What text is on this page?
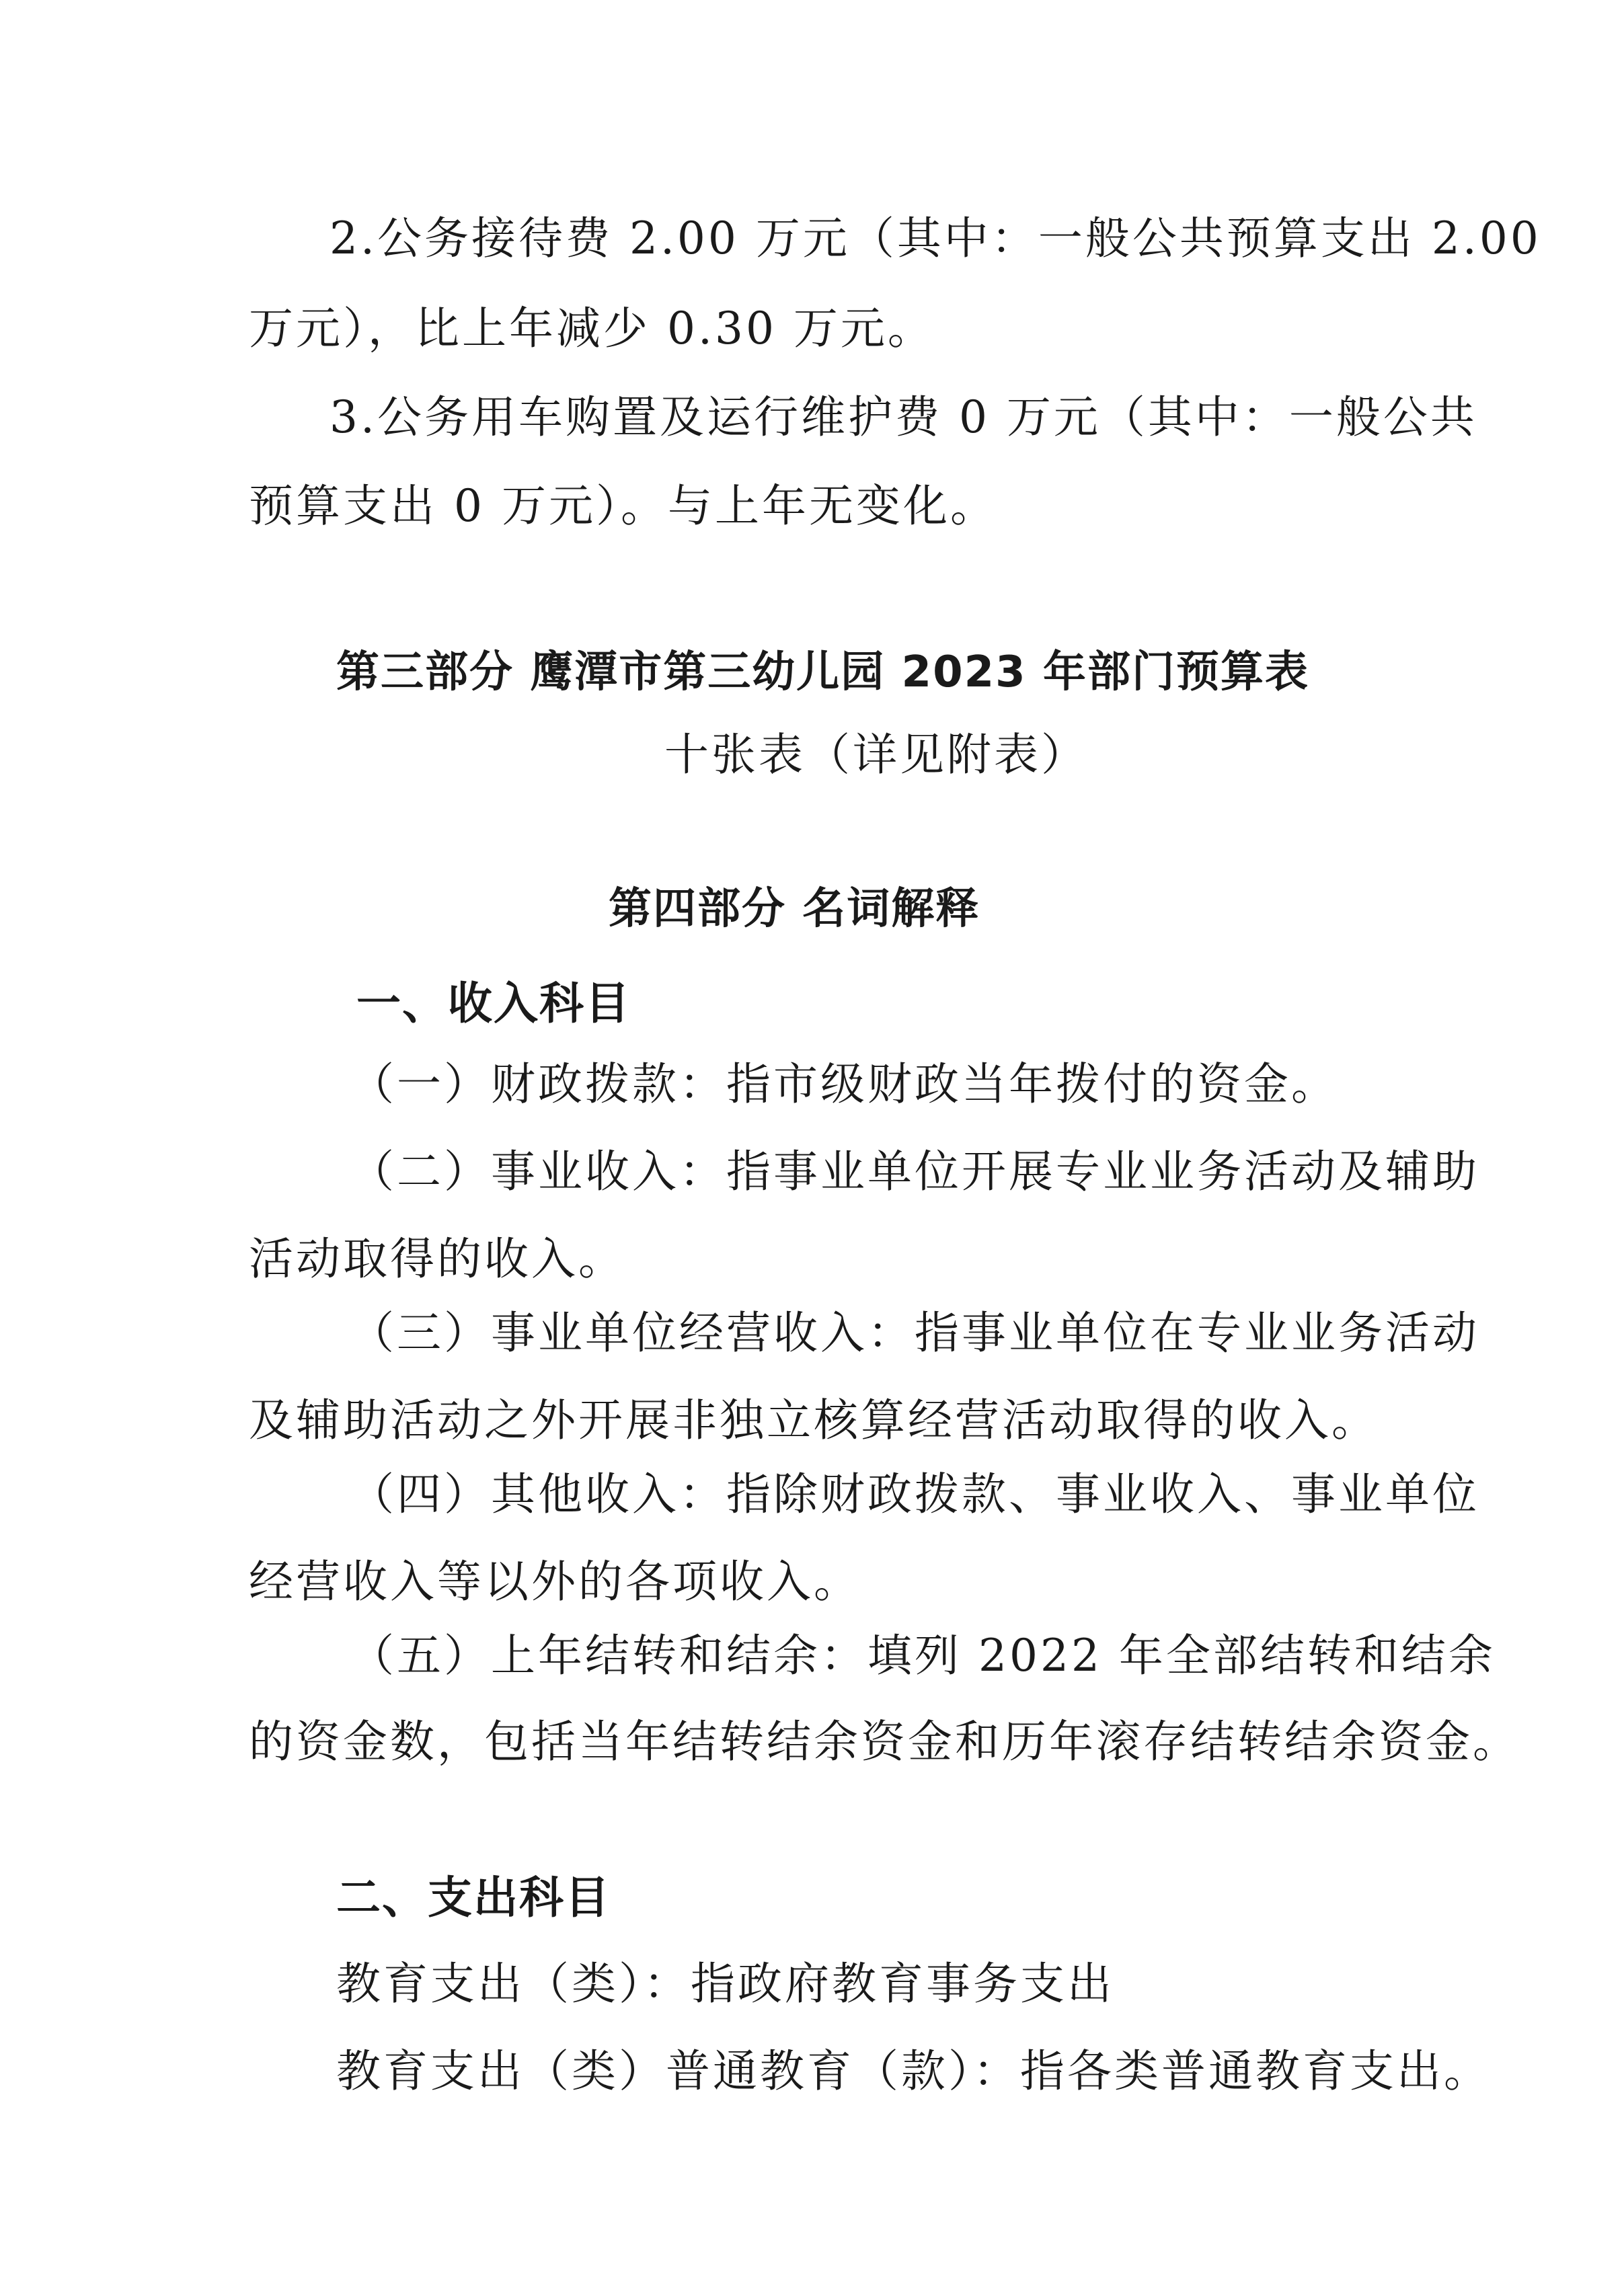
2.公务接待费 2.00 万元（其中：一般公共预算支出 2.00

万元），比上年减少 0.30 万元。

3.公务用车购置及运行维护费 0 万元（其中：一般公共

预算支出 0 万元）。与上年无变化。

第三部分 鹰潭市第三幼儿园 2023 年部门预算表

十张表（详见附表）

第四部分 名词解释
一、收入科目

（一）财政拨款：指市级财政当年拨付的资金。

（二）事业收入：指事业单位开展专业业务活动及辅助

活动取得的收入。

（三）事业单位经营收入：指事业单位在专业业务活动

及辅助活动之外开展非独立核算经营活动取得的收入。

（四）其他收入：指除财政拨款、事业收入、事业单位

经营收入等以外的各项收入。

（五）上年结转和结余：填列 2022 年全部结转和结余

的资金数，包括当年结转结余资金和历年滚存结转结余资金。

二、支出科目

教育支出（类）：指政府教育事务支出

教育支出（类）普通教育（款）：指各类普通教育支出。
